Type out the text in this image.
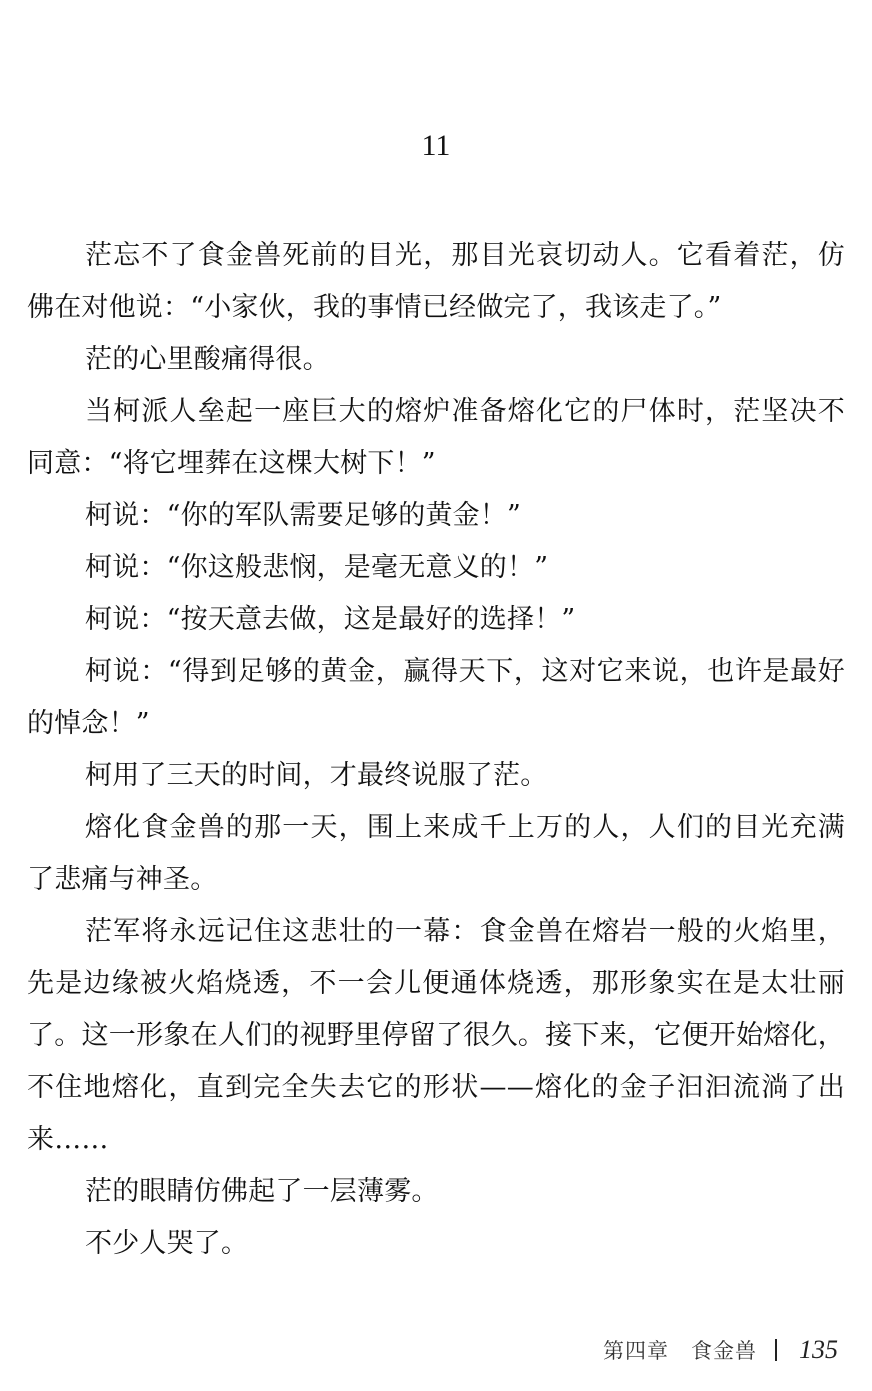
11

茫忘不了食金兽死前的目光，那目光哀切动人。它看着茫，仿佛在对他说：“小家伙，我的事情已经做完了，我该走了。”

茫的心里酸痛得很。

当柯派人垒起一座巨大的熔炉准备熔化它的尸体时，茫坚决不同意：“将它埋葬在这棵大树下！”

柯说：“你的军队需要足够的黄金！”

柯说：“你这般悲悯，是毫无意义的！”

柯说：“按天意去做，这是最好的选择！”

柯说：“得到足够的黄金，赢得天下，这对它来说，也许是最好的悼念！”

柯用了三天的时间，才最终说服了茫。

熔化食金兽的那一天，围上来成千上万的人，人们的目光充满了悲痛与神圣。

茫军将永远记住这悲壮的一幕：食金兽在熔岩一般的火焰里，先是边缘被火焰烧透，不一会儿便通体烧透，那形象实在是太壮丽了。这一形象在人们的视野里停留了很久。接下来，它便开始熔化，不住地熔化，直到完全失去它的形状——熔化的金子汩汩流淌了出来……

茫的眼睛仿佛起了一层薄雾。

不少人哭了。

第四章　食金兽 135
